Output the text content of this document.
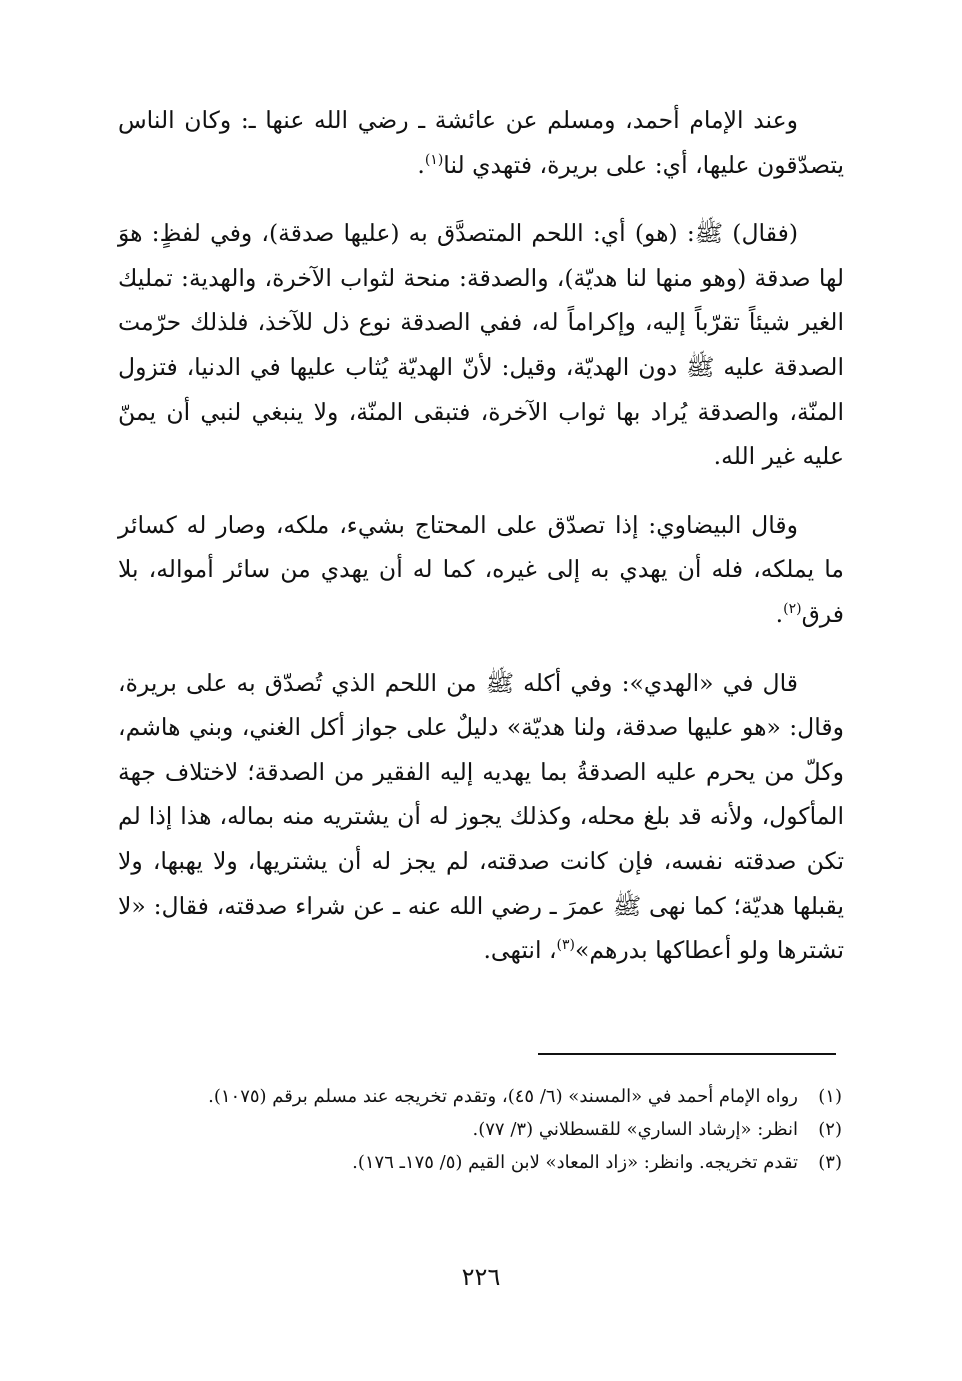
وعند الإمام أحمد، ومسلم عن عائشة ـ رضي الله عنها ـ: وكان الناس يتصدّقون عليها، أي: على بريرة، فتهدي لنا$^{(١)}$.

(فقال) ﷺ: (هو) أي: اللحم المتصدَّق به (عليها صدقة)، وفي لفظٍ: هوَ لها صدقة (وهو منها لنا هديّة)، والصدقة: منحة لثواب الآخرة، والهدية: تمليك الغير شيئاً تقرّباً إليه، وإكراماً له، ففي الصدقة نوع ذل للآخذ، فلذلك حرّمت الصدقة عليه ﷺ دون الهديّة، وقيل: لأنّ الهديّة يُثاب عليها في الدنيا، فتزول المنّة، والصدقة يُراد بها ثواب الآخرة، فتبقى المنّة، ولا ينبغي لنبي أن يمنّ عليه غير الله.

وقال البيضاوي: إذا تصدّق على المحتاج بشيء، ملكه، وصار له كسائر ما يملكه، فله أن يهدي به إلى غيره، كما له أن يهدي من سائر أمواله، بلا فرق$^{(٢)}$.

قال في «الهدي»: وفي أكله ﷺ من اللحم الذي تُصدّق به على بريرة، وقال: «هو عليها صدقة، ولنا هديّة» دليلٌ على جواز أكل الغني، وبني هاشم، وكلّ من يحرم عليه الصدقةُ بما يهديه إليه الفقير من الصدقة؛ لاختلاف جهة المأكول، ولأنه قد بلغ محله، وكذلك يجوز له أن يشتريه منه بماله، هذا إذا لم تكن صدقته نفسه، فإن كانت صدقته، لم يجز له أن يشتريها، ولا يهبها، ولا يقبلها هديّة؛ كما نهى ﷺ عمرَ ـ رضي الله عنه ـ عن شراء صدقته، فقال: «لا تشترها ولو أعطاكها بدرهم»$^{(٣)}$، انتهى.

(١)
رواه الإمام أحمد في «المسند» (٦/ ٤٥)، وتقدم تخريجه عند مسلم برقم (١٠٧٥).
(٢)
انظر: «إرشاد الساري» للقسطلاني (٣/ ٧٧).
(٣)
تقدم تخريجه. وانظر: «زاد المعاد» لابن القيم (٥/ ١٧٥ـ ١٧٦).
٢٢٦
